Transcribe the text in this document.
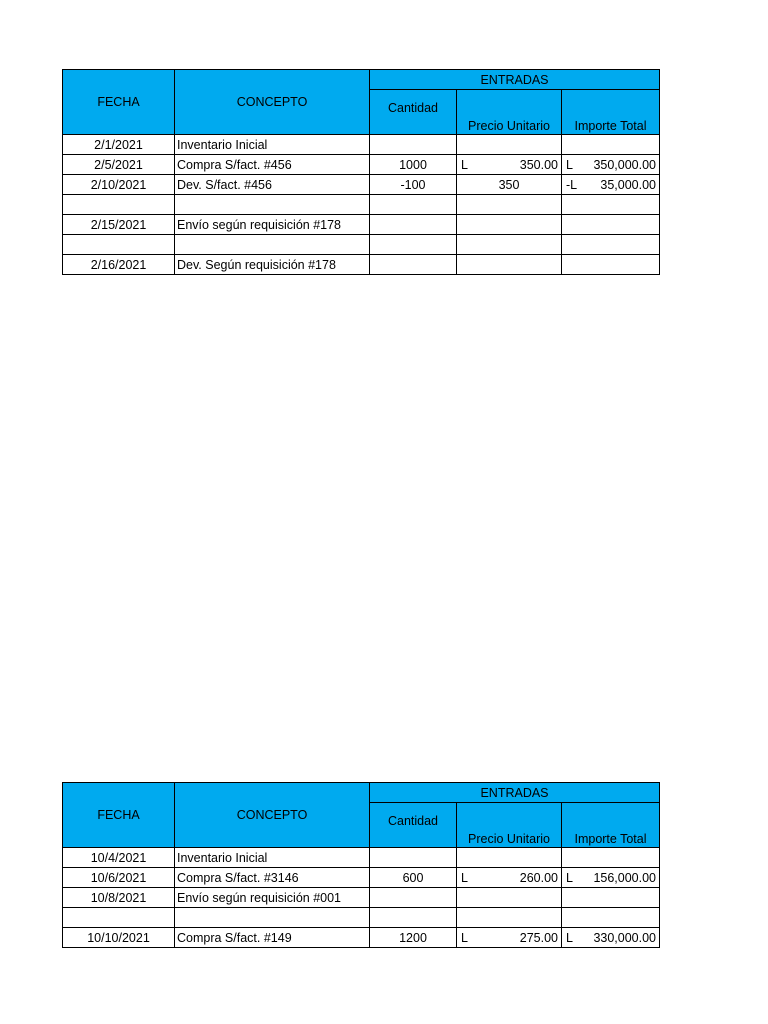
FECHA	CONCEPTO	ENTRADAS		
		Cantidad	Precio Unitario	Importe Total
2/1/2021	Inventario Inicial		

2/5/2021	Compra S/fact. #456	1000	L 350.00	L 350,000.00

2/10/2021	Dev. S/fact. #456	-100	350	-L 35,000.00

2/15/2021	Envío según requisición #178		

2/16/2021	Dev. Según requisición #178		

FECHA	CONCEPTO	ENTRADAS		
		Cantidad	Precio Unitario	Importe Total
10/4/2021	Inventario Inicial		

10/6/2021	Compra S/fact. #3146	600	L 260.00	L 156,000.00

10/8/2021	Envío según requisición #001		

10/10/2021	Compra S/fact. #149	1200	L 275.00	L 330,000.00
